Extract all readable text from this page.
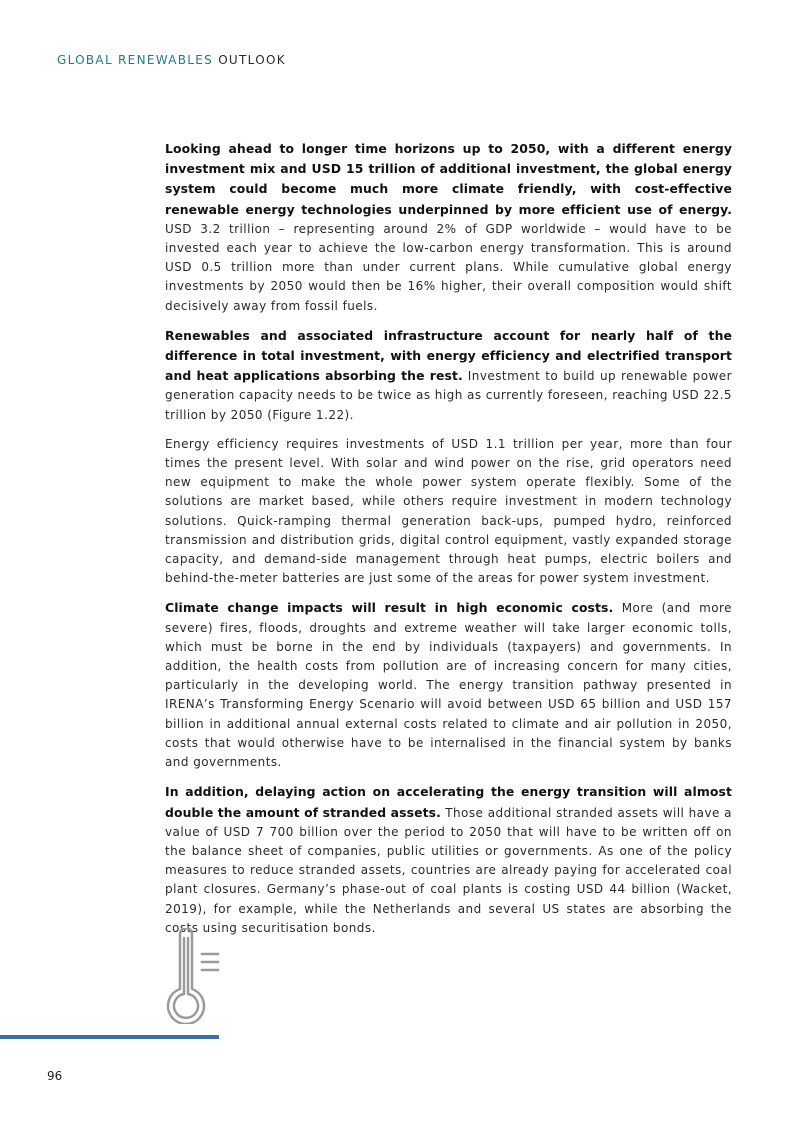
GLOBAL RENEWABLES OUTLOOK

Looking ahead to longer time horizons up to 2050, with a different energy investment mix and USD 15 trillion of additional investment, the global energy system could become much more climate friendly, with cost-effective renewable energy technologies underpinned by more efficient use of energy. USD 3.2 trillion – representing around 2% of GDP worldwide – would have to be invested each year to achieve the low-carbon energy transformation. This is around USD 0.5 trillion more than under current plans. While cumulative global energy investments by 2050 would then be 16% higher, their overall composition would shift decisively away from fossil fuels.

Renewables and associated infrastructure account for nearly half of the difference in total investment, with energy efficiency and electrified transport and heat applications absorbing the rest. Investment to build up renewable power generation capacity needs to be twice as high as currently foreseen, reaching USD 22.5 trillion by 2050 (Figure 1.22).

Energy efficiency requires investments of USD 1.1 trillion per year, more than four times the present level. With solar and wind power on the rise, grid operators need new equipment to make the whole power system operate flexibly. Some of the solutions are market based, while others require investment in modern technology solutions. Quick-ramping thermal generation back-ups, pumped hydro, reinforced transmission and distribution grids, digital control equipment, vastly expanded storage capacity, and demand-side management through heat pumps, electric boilers and behind-the-meter batteries are just some of the areas for power system investment.

Climate change impacts will result in high economic costs. More (and more severe) fires, floods, droughts and extreme weather will take larger economic tolls, which must be borne in the end by individuals (taxpayers) and governments. In addition, the health costs from pollution are of increasing concern for many cities, particularly in the developing world. The energy transition pathway presented in IRENA’s Transforming Energy Scenario will avoid between USD 65 billion and USD 157 billion in additional annual external costs related to climate and air pollution in 2050, costs that would otherwise have to be internalised in the financial system by banks and governments.

In addition, delaying action on accelerating the energy transition will almost double the amount of stranded assets. Those additional stranded assets will have a value of USD 7 700 billion over the period to 2050 that will have to be written off on the balance sheet of companies, public utilities or governments. As one of the policy measures to reduce stranded assets, countries are already paying for accelerated coal plant closures. Germany’s phase-out of coal plants is costing USD 44 billion (Wacket, 2019), for example, while the Netherlands and several US states are absorbing the costs using securitisation bonds.

96
